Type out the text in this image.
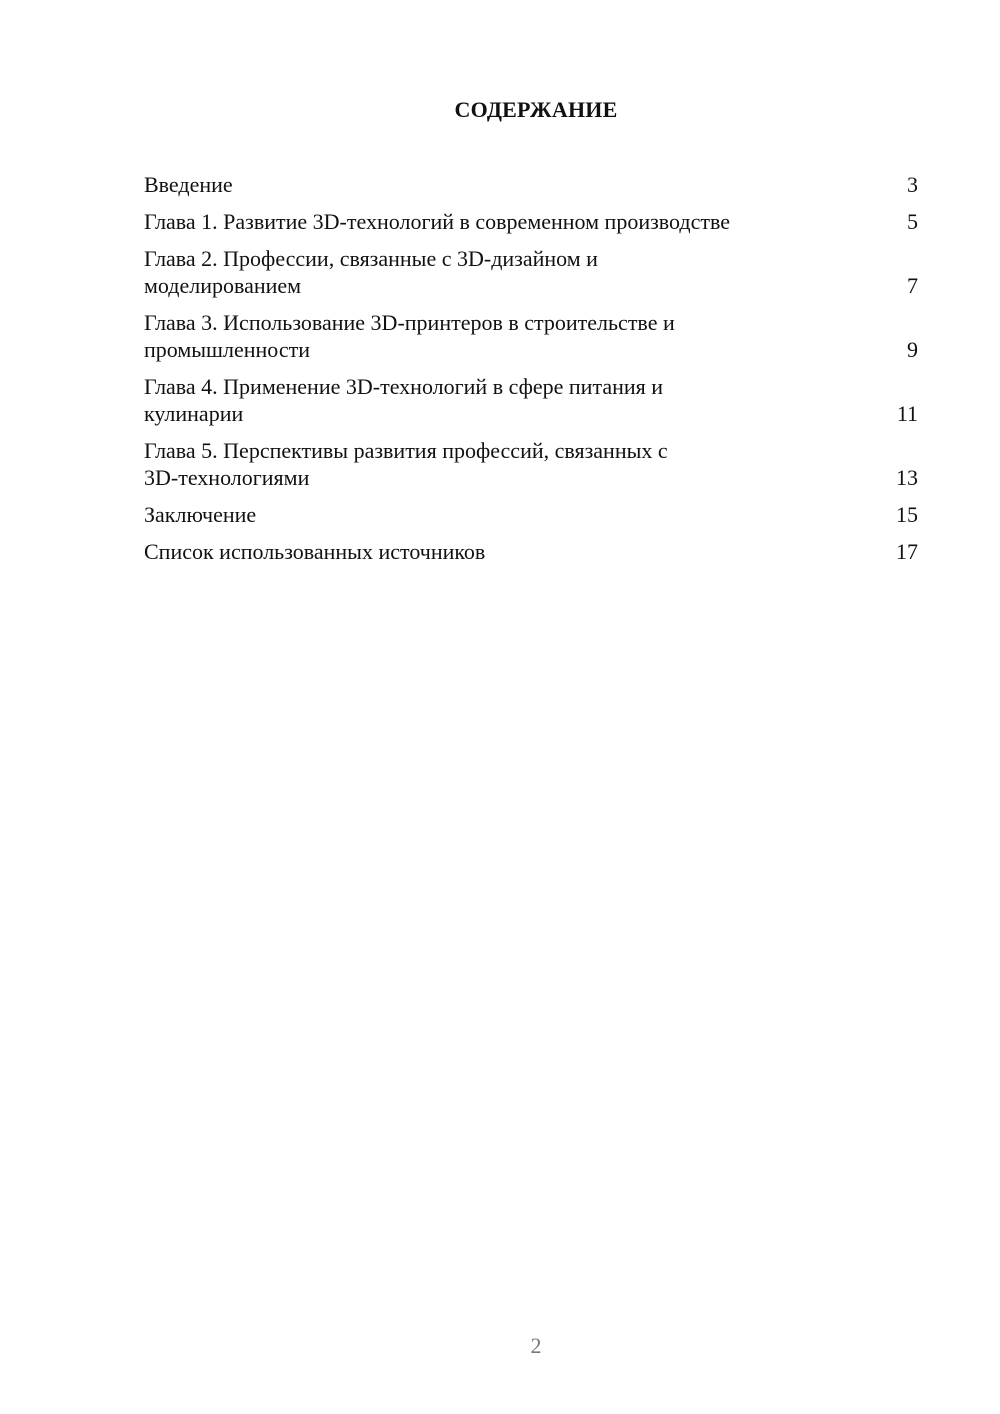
СОДЕРЖАНИЕ
Введение	3
Глава 1. Развитие 3D-технологий в современном производстве	5
Глава 2. Профессии, связанные с 3D-дизайном и
моделированием	7
Глава 3. Использование 3D-принтеров в строительстве и
промышленности	9
Глава 4. Применение 3D-технологий в сфере питания и
кулинарии	11
Глава 5. Перспективы развития профессий, связанных с
3D-технологиями	13
Заключение	15
Список использованных источников	17
2
